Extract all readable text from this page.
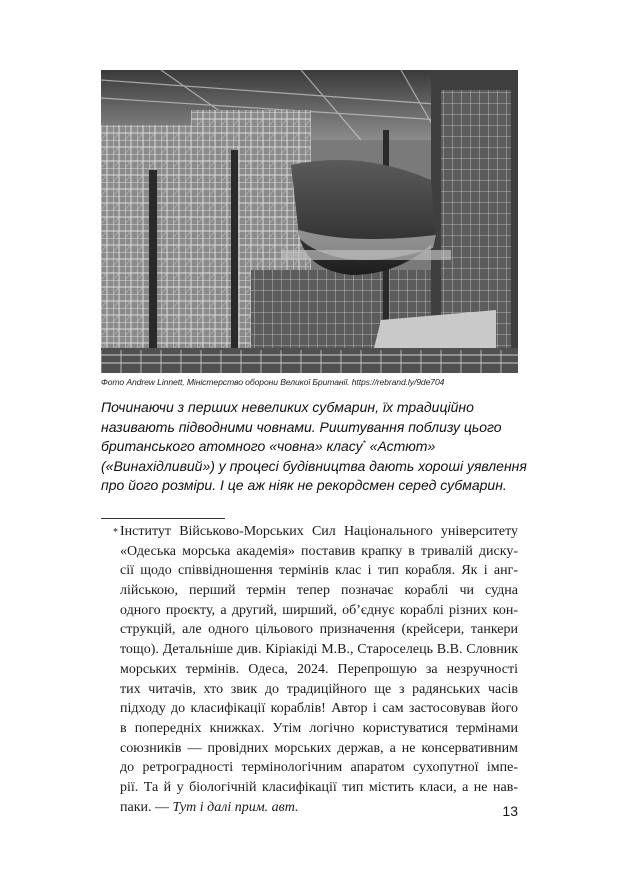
Фото Andrew Linnett, Міністерство оборони Великої Британії. https://rebrand.ly/9de704
Починаючи з перших невеликих субмарин, їх традиційно
називають підводними човнами. Риштування поблизу цього
британського атомного «човна» класу* «Астют»
(«Винахідливий») у процесі будівництва дають хороші уявлення
про його розміри. І це аж ніяк не рекордсмен серед субмарин.
* Інститут Військово-Морських Сил Національного університету
«Одеська морська академія» поставив крапку в тривалій диску-
сії щодо співвідношення термінів клас і тип корабля. Як і анг-
лійською, перший термін тепер позначає кораблі чи судна
одного проєкту, а другий, ширший, об’єднує кораблі різних кон-
струкцій, але одного цільового призначення (крейсери, танкери
тощо). Детальніше див. Кіріакіді М.В., Староселець В.В. Словник
морських термінів. Одеса, 2024. Перепрошую за незручності
тих читачів, хто звик до традиційного ще з радянських часів
підходу до класифікації кораблів! Автор і сам застосовував його
в попередніх книжках. Утім логічно користуватися термінами
союзників — провідних морських держав, а не консервативним
до ретроградності термінологічним апаратом сухопутної імпе-
рії. Та й у біологічній класифікації тип містить класи, а не нав-
паки. — Тут і далі прим. авт.	13
